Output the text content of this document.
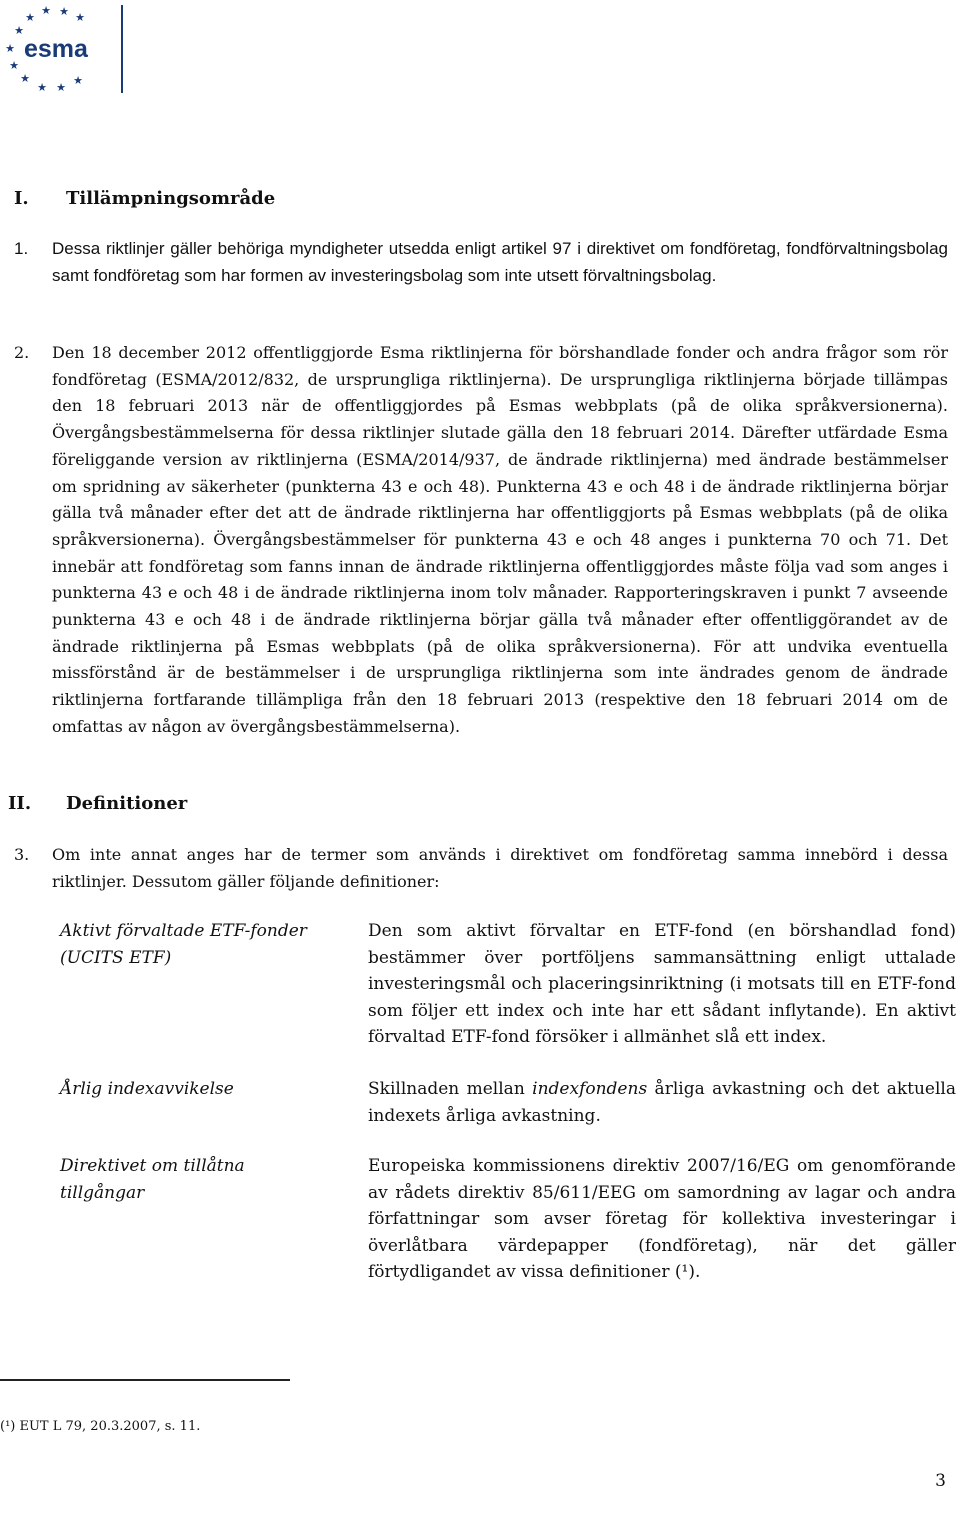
★ ★
★	★
★
★
★
★
★ ★
★
esma
I. Tillämpningsområde
1. Dessa riktlinjer gäller behöriga myndigheter utsedda enligt artikel 97 i direktivet om fondföretag, fondförvaltningsbolag samt fondföretag som har formen av investeringsbolag som inte utsett förvaltningsbolag.
2. Den 18 december 2012 offentliggjorde Esma riktlinjerna för börshandlade fonder och andra frågor som rör fondföretag (ESMA/2012/832, de ursprungliga riktlinjerna). De ursprungliga riktlinjerna började tillämpas den 18 februari 2013 när de offentliggjordes på Esmas webbplats (på de olika språkversionerna). Övergångsbestämmelserna för dessa riktlinjer slutade gälla den 18 februari 2014. Därefter utfärdade Esma föreliggande version av riktlinjerna (ESMA/2014/937, de ändrade riktlinjerna) med ändrade bestämmelser om spridning av säkerheter (punkterna 43 e och 48). Punkterna 43 e och 48 i de ändrade riktlinjerna börjar gälla två månader efter det att de ändrade riktlinjerna har offentliggjorts på Esmas webbplats (på de olika språkversionerna). Övergångsbestämmelser för punkterna 43 e och 48 anges i punkterna 70 och 71. Det innebär att fondföretag som fanns innan de ändrade riktlinjerna offentliggjordes måste följa vad som anges i punkterna 43 e och 48 i de ändrade riktlinjerna inom tolv månader. Rapporteringskraven i punkt 7 avseende punkterna 43 e och 48 i de ändrade riktlinjerna börjar gälla två månader efter offentliggörandet av de ändrade riktlinjerna på Esmas webbplats (på de olika språkversionerna). För att undvika eventuella missförstånd är de bestämmelser i de ursprungliga riktlinjerna som inte ändrades genom de ändrade riktlinjerna fortfarande tillämpliga från den 18 februari 2013 (respektive den 18 februari 2014 om de omfattas av någon av övergångsbestämmelserna).
II. Definitioner
3. Om inte annat anges har de termer som används i direktivet om fondföretag samma innebörd i dessa riktlinjer. Dessutom gäller följande definitioner:

Aktivt förvaltade ETF-fonder (UCITS ETF)

Den som aktivt förvaltar en ETF-fond (en börshandlad fond) bestämmer över portföljens sammansättning enligt uttalade investeringsmål och placeringsinriktning (i motsats till en ETF-fond som följer ett index och inte har ett sådant inflytande). En aktivt förvaltad ETF-fond försöker i allmänhet slå ett index.

Årlig indexavvikelse	Skillnaden mellan indexfondens årliga avkastning och det aktuella indexets årliga avkastning.

Direktivet om tillåtna tillgångar

Europeiska kommissionens direktiv 2007/16/EG om genomförande av rådets direktiv 85/611/EEG om samordning av lagar och andra författningar som avser företag för kollektiva investeringar i överlåtbara värdepapper (fondföretag), när det gäller förtydligandet av vissa definitioner (¹).

(¹) EUT L 79, 20.3.2007, s. 11.

3
